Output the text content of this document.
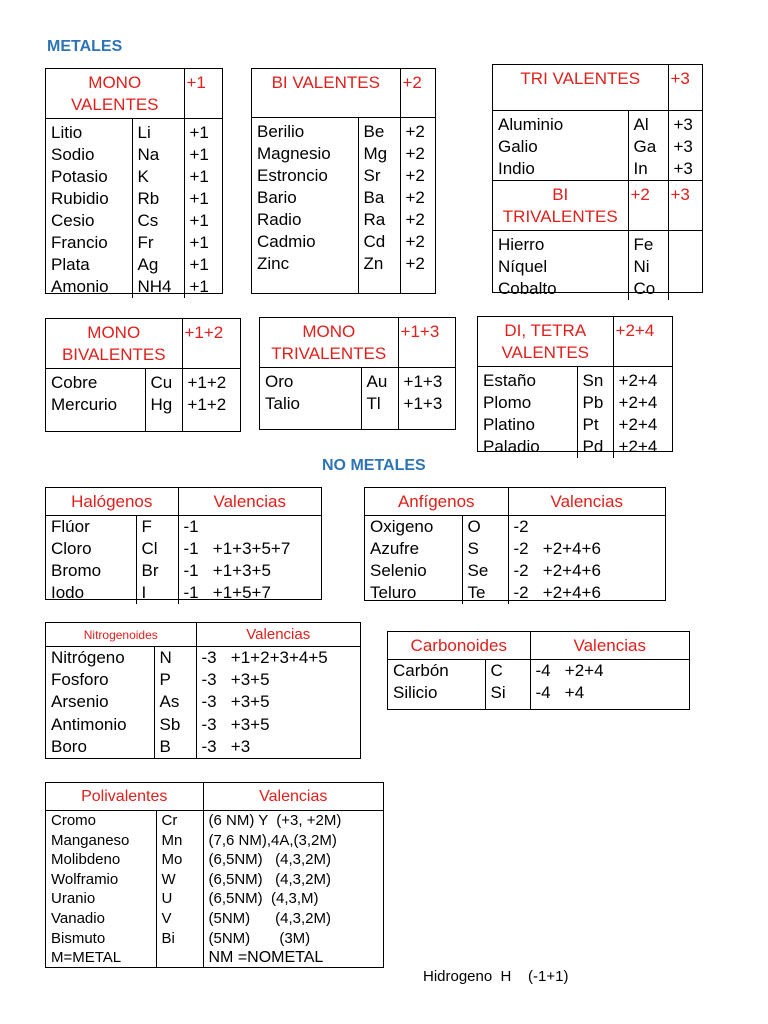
METALES
MONO VALENTES		+1
Litio	Li	+1
Sodio	Na	+1
Potasio	K	+1
Rubidio	Rb	+1
Cesio	Cs	+1
Francio	Fr	+1
Plata	Ag	+1
Amonio	NH4	+1
BI VALENTES		+2
Berilio	Be	+2
Magnesio	Mg	+2
Estroncio	Sr	+2
Bario	Ba	+2
Radio	Ra	+2
Cadmio	Cd	+2
Zinc	Zn	+2

TRI VALENTES		+3
Aluminio	Al	+3
Galio	Ga	+3
Indio	In	+3
BI TRIVALENTES	+2	+3
Hierro	Fe	
Níquel	Ni	
Cobalto	Co	
MONO BIVALENTES		+1+2
Cobre	Cu	+1+2
Mercurio	Hg	+1+2

MONO TRIVALENTES		+1+3
Oro	Au	+1+3
Talio	Tl	+1+3

DI, TETRA VALENTES		+2+4
Estaño	Sn	+2+4
Plomo	Pb	+2+4
Platino	Pt	+2+4
Paladio	Pd	+2+4
NO METALES
Halógenos		Valencias
Flúor	F	-1
Cloro	Cl	-1   +1+3+5+7
Bromo	Br	-1   +1+3+5
Iodo	I	-1   +1+5+7
Anfígenos		Valencias
Oxigeno	O	-2
Azufre	S	-2   +2+4+6
Selenio	Se	-2   +2+4+6
Teluro	Te	-2   +2+4+6
Nitrogenoides		Valencias
Nitrógeno	N	-3   +1+2+3+4+5
Fosforo	P	-3   +3+5
Arsenio	As	-3   +3+5
Antimonio	Sb	-3   +3+5
Boro	B	-3   +3
Carbonoides		Valencias
Carbón	C	-4   +2+4
Silicio	Si	-4   +4

Polivalentes		Valencias
Cromo	Cr	(6 NM) Y  (+3, +2M)
Manganeso	Mn	(7,6 NM),4A,(3,2M)
Molibdeno	Mo	(6,5NM)   (4,3,2M)
Wolframio	W	(6,5NM)   (4,3,2M)
Uranio	U	(6,5NM)  (4,3,M)
Vanadio	V	(5NM)      (4,3,2M)
Bismuto	Bi	(5NM)       (3M)
M=METAL		NM =NOMETAL
Hidrogeno  H    (-1+1)
